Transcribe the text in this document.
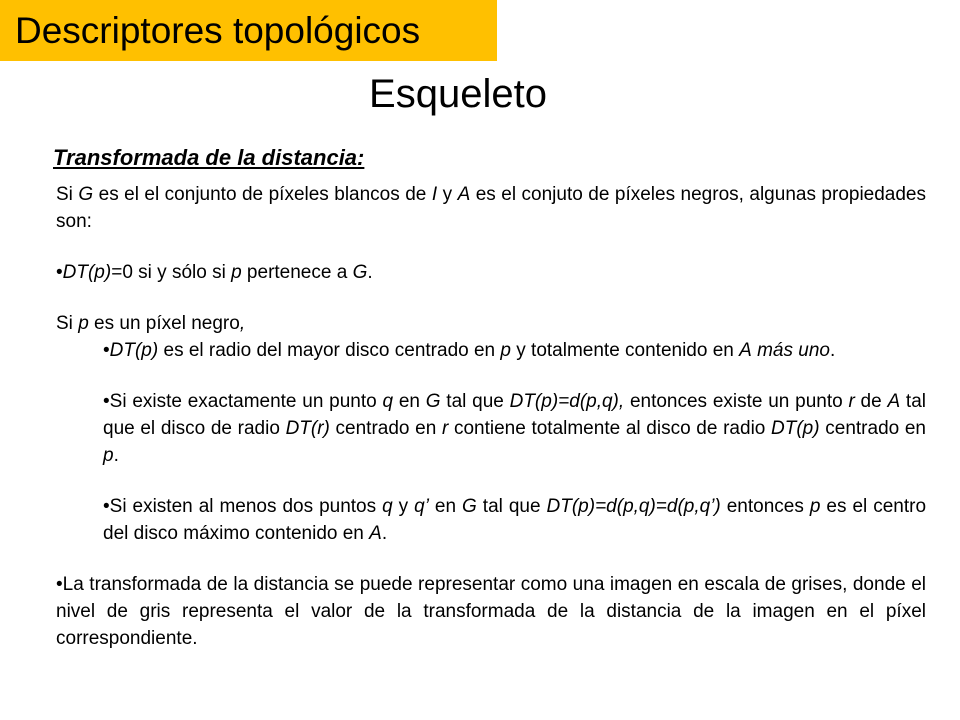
Descriptores topológicos
Esqueleto
Transformada de la distancia:

Si G es el el conjunto de píxeles blancos de I y A es el conjuto de píxeles negros, algunas propiedades son:

•DT(p)=0 si y sólo si p pertenece a G.

Si p es un píxel negro,

•DT(p) es el radio del mayor disco centrado en p y totalmente contenido en A más uno.

•Si existe exactamente un punto q en G tal que DT(p)=d(p,q), entonces existe un punto r de A tal que el disco de radio DT(r) centrado en r contiene totalmente al disco de radio DT(p) centrado en p.

•Si existen al menos dos puntos q y q’ en G tal que DT(p)=d(p,q)=d(p,q’) entonces p es el centro del disco máximo contenido en A.

•La transformada de la distancia se puede representar como una imagen en escala de grises, donde el nivel de gris representa el valor de la transformada de la distancia de la imagen en el píxel correspondiente.
